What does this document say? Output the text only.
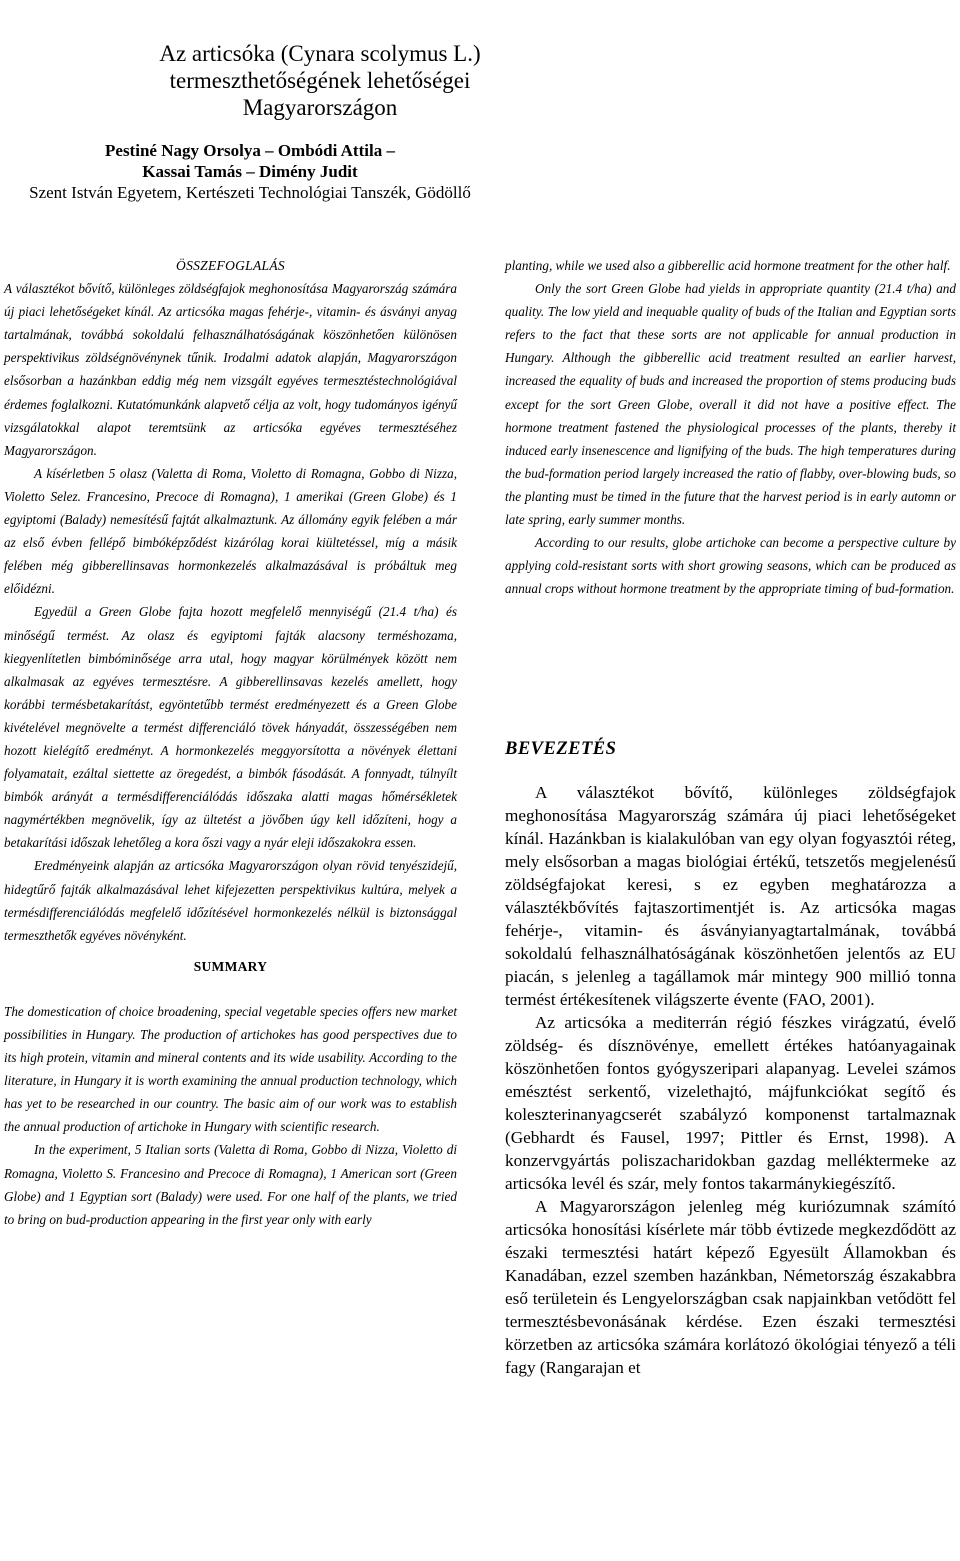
Az articsóka (Cynara scolymus L.)
termeszthetőségének lehetőségei
Magyarországon
Pestiné Nagy Orsolya – Ombódi Attila –
Kassai Tamás – Dimény Judit
Szent István Egyetem, Kertészeti Technológiai Tanszék, Gödöllő
ÖSSZEFOGLALÁS

A választékot bővítő, különleges zöldségfajok meghonosítása Magyarország számára új piaci lehetőségeket kínál. Az articsóka magas fehérje-, vitamin- és ásványi anyag tartalmának, továbbá sokoldalú felhasználhatóságának köszönhetően különösen perspektivikus zöldségnövénynek tűnik. Irodalmi adatok alapján, Magyarországon elsősorban a hazánkban eddig még nem vizsgált egyéves termesztéstechnológiával érdemes foglalkozni. Kutatómunkánk alapvető célja az volt, hogy tudományos igényű vizsgálatokkal alapot teremtsünk az articsóka egyéves termesztéséhez Magyarországon.

A kísérletben 5 olasz (Valetta di Roma, Violetto di Romagna, Gobbo di Nizza, Violetto Selez. Francesino, Precoce di Romagna), 1 amerikai (Green Globe) és 1 egyiptomi (Balady) nemesítésű fajtát alkalmaztunk. Az állomány egyik felében a már az első évben fellépő bimbóképződést kizárólag korai kiültetéssel, míg a másik felében még gibberellinsavas hormonkezelés alkalmazásával is próbáltuk meg előidézni.

Egyedül a Green Globe fajta hozott megfelelő mennyiségű (21.4 t/ha) és minőségű termést. Az olasz és egyiptomi fajták alacsony terméshozama, kiegyenlítetlen bimbóminősége arra utal, hogy magyar körülmények között nem alkalmasak az egyéves termesztésre. A gibberellinsavas kezelés amellett, hogy korábbi termésbetakarítást, egyöntetűbb termést eredményezett és a Green Globe kivételével megnövelte a termést differenciáló tövek hányadát, összességében nem hozott kielégítő eredményt. A hormonkezelés meggyorsította a növények élettani folyamatait, ezáltal siettette az öregedést, a bimbók fásodását. A fonnyadt, túlnyílt bimbók arányát a termésdifferenciálódás időszaka alatti magas hőmérsékletek nagymértékben megnövelik, így az ültetést a jövőben úgy kell időzíteni, hogy a betakarítási időszak lehetőleg a kora őszi vagy a nyár eleji időszakokra essen.

Eredményeink alapján az articsóka Magyarországon olyan rövid tenyészidejű, hidegtűrő fajták alkalmazásával lehet kifejezetten perspektivikus kultúra, melyek a termésdifferenciálódás megfelelő időzítésével hormonkezelés nélkül is biztonsággal termeszthetők egyéves növényként.

SUMMARY

The domestication of choice broadening, special vegetable species offers new market possibilities in Hungary. The production of artichokes has good perspectives due to its high protein, vitamin and mineral contents and its wide usability. According to the literature, in Hungary it is worth examining the annual production technology, which has yet to be researched in our country. The basic aim of our work was to establish the annual production of artichoke in Hungary with scientific research.

In the experiment, 5 Italian sorts (Valetta di Roma, Gobbo di Nizza, Violetto di Romagna, Violetto S. Francesino and Precoce di Romagna), 1 American sort (Green Globe) and 1 Egyptian sort (Balady) were used. For one half of the plants, we tried to bring on bud-production appearing in the first year only with early

planting, while we used also a gibberellic acid hormone treatment for the other half.

Only the sort Green Globe had yields in appropriate quantity (21.4 t/ha) and quality. The low yield and inequable quality of buds of the Italian and Egyptian sorts refers to the fact that these sorts are not applicable for annual production in Hungary. Although the gibberellic acid treatment resulted an earlier harvest, increased the equality of buds and increased the proportion of stems producing buds except for the sort Green Globe, overall it did not have a positive effect. The hormone treatment fastened the physiological processes of the plants, thereby it induced early insenescence and lignifying of the buds. The high temperatures during the bud-formation period largely increased the ratio of flabby, over-blowing buds, so the planting must be timed in the future that the harvest period is in early automn or late spring, early summer months.

According to our results, globe artichoke can become a perspective culture by applying cold-resistant sorts with short growing seasons, which can be produced as annual crops without hormone treatment by the appropriate timing of bud-formation.

BEVEZETÉS

A választékot bővítő, különleges zöldségfajok meghonosítása Magyarország számára új piaci lehetőségeket kínál. Hazánkban is kialakulóban van egy olyan fogyasztói réteg, mely elsősorban a magas biológiai értékű, tetszetős megjelenésű zöldségfajokat keresi, s ez egyben meghatározza a választékbővítés fajtaszortimentjét is. Az articsóka magas fehérje-, vitamin- és ásványianyagtartalmának, továbbá sokoldalú felhasználhatóságának köszönhetően jelentős az EU piacán, s jelenleg a tagállamok már mintegy 900 millió tonna termést értékesítenek világszerte évente (FAO, 2001).

Az articsóka a mediterrán régió fészkes virágzatú, évelő zöldség- és dísznövénye, emellett értékes hatóanyagainak köszönhetően fontos gyógyszeripari alapanyag. Levelei számos emésztést serkentő, vizelethajtó, májfunkciókat segítő és koleszterinanyagcserét szabályzó komponenst tartalmaznak (Gebhardt és Fausel, 1997; Pittler és Ernst, 1998). A konzervgyártás poliszacharidokban gazdag melléktermeke az articsóka levél és szár, mely fontos takarmánykiegészítő.

A Magyarországon jelenleg még kuriózumnak számító articsóka honosítási kísérlete már több évtizede megkezdődött az északi termesztési határt képező Egyesült Államokban és Kanadában, ezzel szemben hazánkban, Németország északabbra eső területein és Lengyelországban csak napjainkban vetődött fel termesztésbevonásának kérdése. Ezen északi termesztési körzetben az articsóka számára korlátozó ökológiai tényező a téli fagy (Rangarajan et
